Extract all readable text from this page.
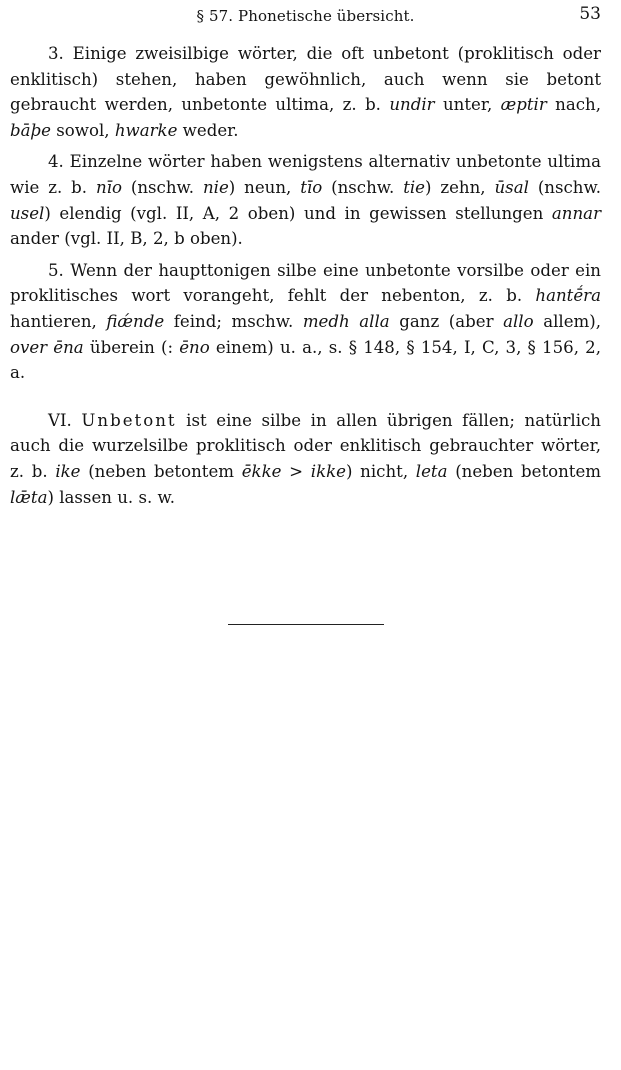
§ 57. Phonetische übersicht.	53

3. Einige zweisilbige wörter, die oft unbetont (proklitisch oder enklitisch) stehen, haben gewöhnlich, auch wenn sie betont gebraucht werden, unbetonte ultima, z. b. undir unter, æptir nach, bāþe sowol, hwarke weder.

4. Einzelne wörter haben wenigstens alternativ unbetonte ultima wie z. b. nīo (nschw. nie) neun, tīo (nschw. tie) zehn, ūsal (nschw. usel) elendig (vgl. II, A, 2 oben) und in gewissen stellungen annar ander (vgl. II, B, 2, b oben).

5. Wenn der haupttonigen silbe eine unbetonte vorsilbe oder ein proklitisches wort vorangeht, fehlt der nebenton, z. b. hantḗra hantieren, fiǽnde feind; mschw. medh alla ganz (aber allo allem), over ēna überein (: ēno einem) u. a., s. § 148, § 154, I, C, 3, § 156, 2, a.

VI. Unbetont ist eine silbe in allen übrigen fällen; natürlich auch die wurzelsilbe proklitisch oder enklitisch gebrauchter wörter, z. b. ike (neben betontem ēkke > ikke) nicht, leta (neben betontem lǣta) lassen u. s. w.
